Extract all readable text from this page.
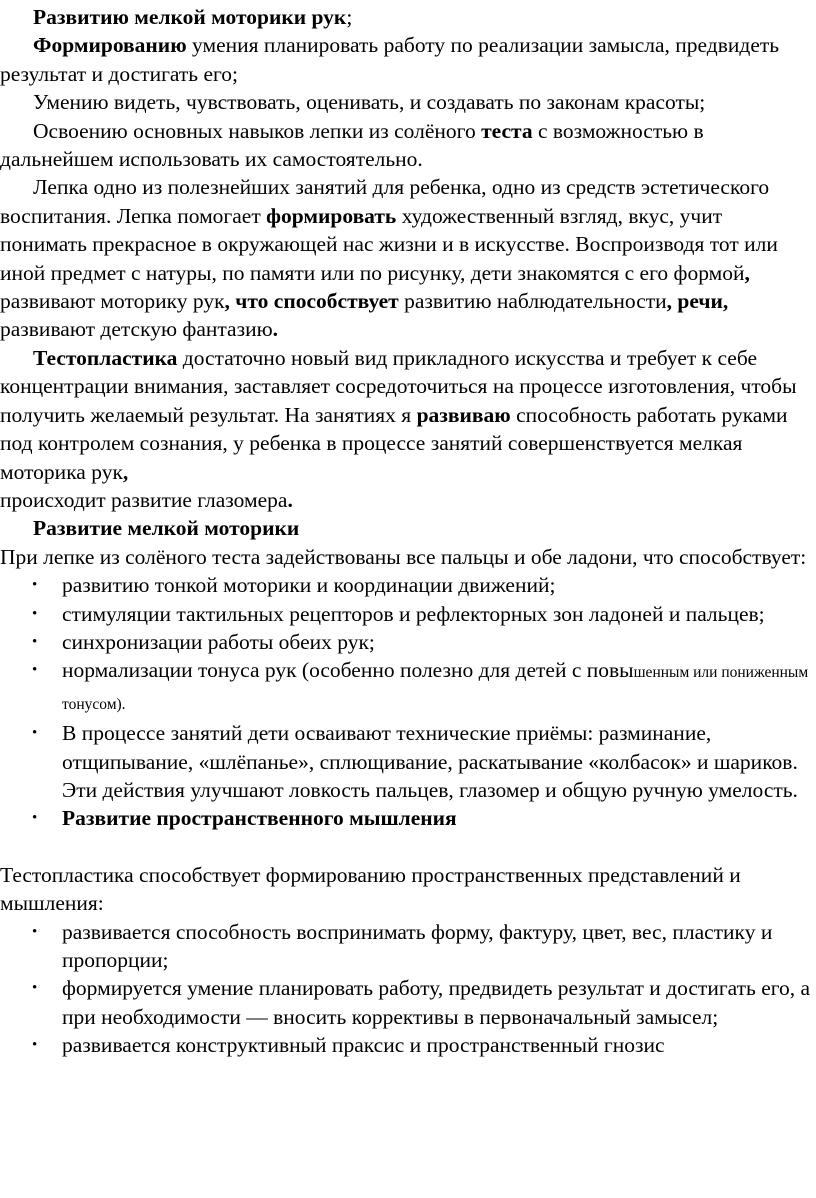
Развитию мелкой моторики рук;

Формированию умения планировать работу по реализации замысла, предвидеть результат и достигать его;

Умению видеть, чувствовать, оценивать, и создавать по законам красоты;

Освоению основных навыков лепки из солёного теста с возможностью в дальнейшем использовать их самостоятельно.

Лепка одно из полезнейших занятий для ребенка, одно из средств эстетического воспитания. Лепка помогает формировать художественный взгляд, вкус, учит понимать прекрасное в окружающей нас жизни и в искусстве. Воспроизводя тот или иной предмет с натуры, по памяти или по рисунку, дети знакомятся с его формой, развивают моторику рук, что способствует развитию наблюдательности, речи, развивают детскую фантазию.

Тестопластика достаточно новый вид прикладного искусства и требует к себе концентрации внимания, заставляет сосредоточиться на процессе изготовления, чтобы получить желаемый результат. На занятиях я развиваю способность работать руками под контролем сознания, у ребенка в процессе занятий совершенствуется мелкая моторика рук,
происходит развитие глазомера.

Развитие мелкой моторики

При лепке из солёного теста задействованы все пальцы и обе ладони, что способствует:

• развитию тонкой моторики и координации движений;
• стимуляции тактильных рецепторов и рефлекторных зон ладоней и пальцев;
• синхронизации работы обеих рук;
• нормализации тонуса рук (особенно полезно для детей с повышенным или пониженным тонусом).
• В процессе занятий дети осваивают технические приёмы: разминание, отщипывание, «шлёпанье», сплющивание, раскатывание «колбасок» и шариков. Эти действия улучшают ловкость пальцев, глазомер и общую ручную умелость.
• Развитие пространственного мышления

Тестопластика способствует формированию пространственных представлений и мышления:

• развивается способность воспринимать форму, фактуру, цвет, вес, пластику и пропорции;
• формируется умение планировать работу, предвидеть результат и достигать его, а при необходимости — вносить коррективы в первоначальный замысел;
• развивается конструктивный праксис и пространственный гнозис
